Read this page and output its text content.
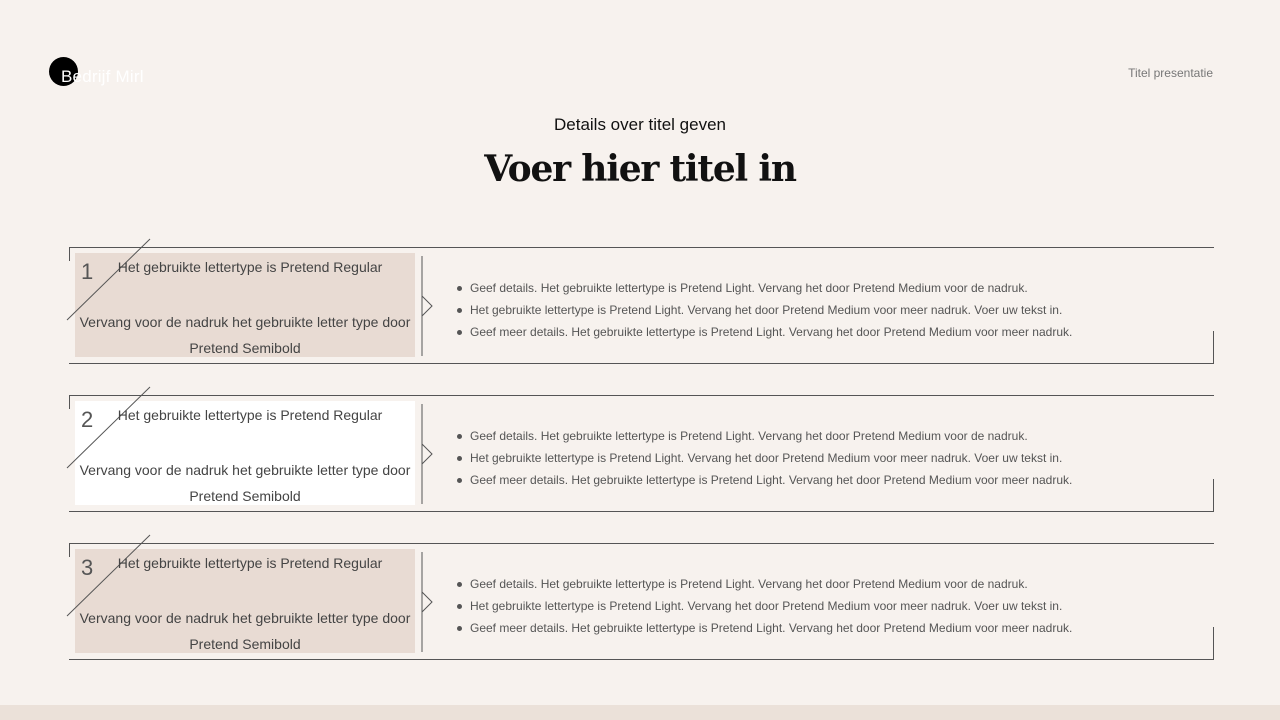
Bedrijf Mirl	Titel presentatie
Details over titel geven
Voer hier titel in
1	Het gebruikte lettertype is Pretend Regular
Vervang voor de nadruk het gebruikte letter type door Pretend Semibold
Geef details. Het gebruikte lettertype is Pretend Light. Vervang het door Pretend Medium voor de nadruk.
Het gebruikte lettertype is Pretend Light. Vervang het door Pretend Medium voor meer nadruk. Voer uw tekst in.
Geef meer details. Het gebruikte lettertype is Pretend Light. Vervang het door Pretend Medium voor meer nadruk.
2	Het gebruikte lettertype is Pretend Regular
Vervang voor de nadruk het gebruikte letter type door Pretend Semibold
Geef details. Het gebruikte lettertype is Pretend Light. Vervang het door Pretend Medium voor de nadruk.
Het gebruikte lettertype is Pretend Light. Vervang het door Pretend Medium voor meer nadruk. Voer uw tekst in.
Geef meer details. Het gebruikte lettertype is Pretend Light. Vervang het door Pretend Medium voor meer nadruk.
3	Het gebruikte lettertype is Pretend Regular
Vervang voor de nadruk het gebruikte letter type door Pretend Semibold
Geef details. Het gebruikte lettertype is Pretend Light. Vervang het door Pretend Medium voor de nadruk.
Het gebruikte lettertype is Pretend Light. Vervang het door Pretend Medium voor meer nadruk. Voer uw tekst in.
Geef meer details. Het gebruikte lettertype is Pretend Light. Vervang het door Pretend Medium voor meer nadruk.
